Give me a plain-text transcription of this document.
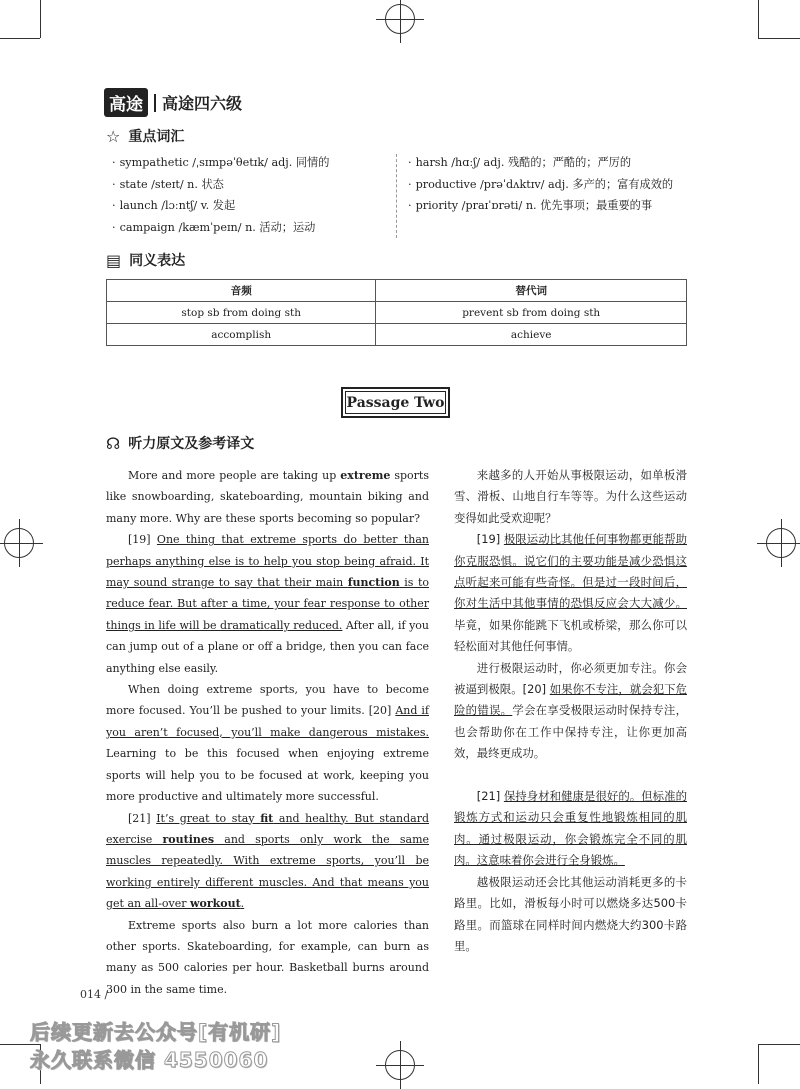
高途	高途四六级
☆ 重点词汇
· sympathetic /ˌsɪmpəˈθetɪk/ adj. 同情的
· state /steɪt/ n. 状态
· launch /lɔːntʃ/ v. 发起
· campaign /kæmˈpeɪn/ n. 活动；运动
· harsh /hɑːʃ/ adj. 残酷的；严酷的；严厉的
· productive /prəˈdʌktɪv/ adj. 多产的；富有成效的
· priority /praɪˈɒrəti/ n. 优先事项；最重要的事
▤ 同义表达
音频	替代词
stop sb from doing sth	prevent sb from doing sth
accomplish	achieve
Passage Two
☊ 听力原文及参考译文

More and more people are taking up extreme sports like snowboarding, skateboarding, mountain biking and many more. Why are these sports becoming so popular?

[19] One thing that extreme sports do better than perhaps anything else is to help you stop being afraid. It may sound strange to say that their main function is to reduce fear. But after a time, your fear response to other things in life will be dramatically reduced. After all, if you can jump out of a plane or off a bridge, then you can face anything else easily.

When doing extreme sports, you have to become more focused. You’ll be pushed to your limits. [20] And if you aren’t focused, you’ll make dangerous mistakes. Learning to be this focused when enjoying extreme sports will help you to be focused at work, keeping you more productive and ultimately more successful.

[21] It’s great to stay fit and healthy. But standard exercise routines and sports only work the same muscles repeatedly. With extreme sports, you’ll be working entirely different muscles. And that means you get an all-over workout.

Extreme sports also burn a lot more calories than other sports. Skateboarding, for example, can burn as many as 500 calories per hour. Basketball burns around 300 in the same time.

来越多的人开始从事极限运动，如单板滑雪、滑板、山地自行车等等。为什么这些运动变得如此受欢迎呢？

[19] 极限运动比其他任何事物都更能帮助你克服恐惧。说它们的主要功能是减少恐惧这点听起来可能有些奇怪。但是过一段时间后，你对生活中其他事情的恐惧反应会大大减少。毕竟，如果你能跳下飞机或桥梁，那么你可以轻松面对其他任何事情。

进行极限运动时，你必须更加专注。你会被逼到极限。[20] 如果你不专注，就会犯下危险的错误。学会在享受极限运动时保持专注，也会帮助你在工作中保持专注，让你更加高效，最终更成功。

[21] 保持身材和健康是很好的。但标准的锻炼方式和运动只会重复性地锻炼相同的肌肉。通过极限运动，你会锻炼完全不同的肌肉。这意味着你会进行全身锻炼。

越极限运动还会比其他运动消耗更多的卡路里。比如，滑板每小时可以燃烧多达500卡路里。而篮球在同样时间内燃烧大约300卡路里。

014 /
后续更新去公众号[有机研]
永久联系微信 4550060
